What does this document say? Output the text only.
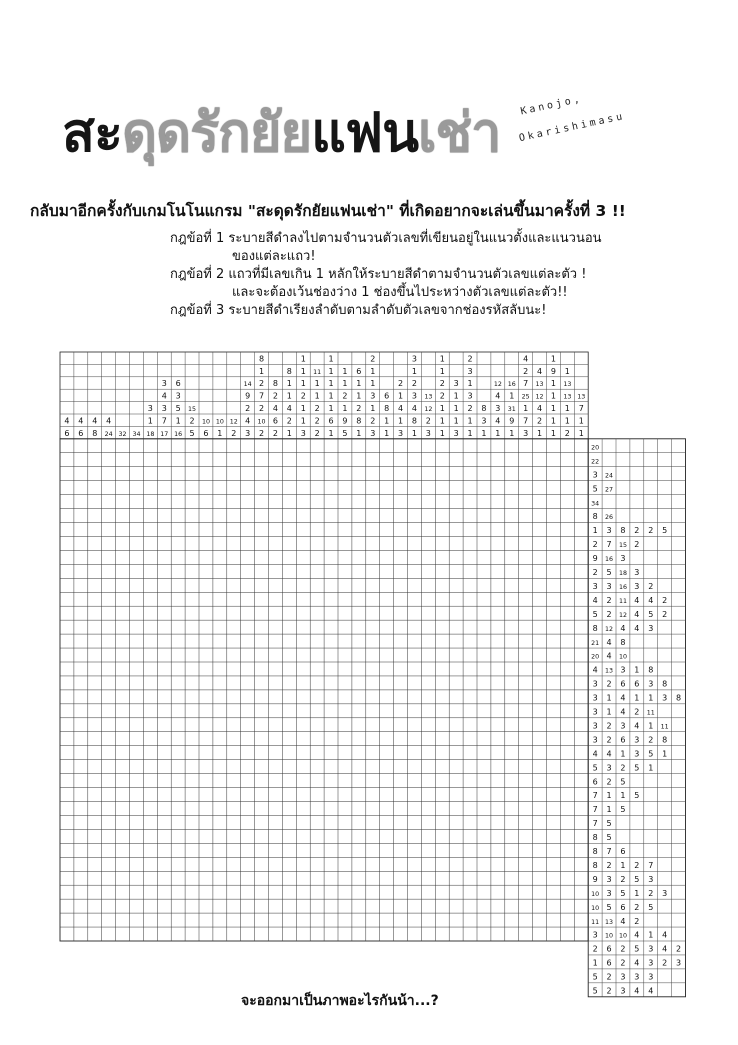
สะดุดรักยัยแฟนเช่า Kanojo,
Okarishimasu
กลับมาอีกครั้งกับเกมโนโนแกรม "สะดุดรักยัยแฟนเช่า" ที่เกิดอยากจะเล่นขึ้นมาครั้งที่ 3 !!
กฎข้อที่ 1 ระบายสีดำลงไปตามจำนวนตัวเลขที่เขียนอยู่ในแนวตั้งและแนวนอน
ของแต่ละแถว!
กฎข้อที่ 2 แถวที่มีเลขเกิน 1 หลักให้ระบายสีดำตามจำนวนตัวเลขแต่ละตัว !
และจะต้องเว้นช่องว่าง 1 ช่องขึ้นไประหว่างตัวเลขแต่ละตัว!!
กฎข้อที่ 3 ระบายสีดำเรียงลำดับตามลำดับตัวเลขจากช่องรหัสลับนะ!
4
6
4
6
4
8
4
24 32 34
3
1
18
3
4
3
7
17
6
3
5
1
16
15
2
5
10
6
10
1
12
2
14
9
2
4
3
8
1
2
7
2
10
2
8
2
4
6
2
8
1
1
4
2
1
1
1
1
2
1
1
3
11
1
1
2
2
2
1
1
1
1
1
6
1
1
1
2
1
9
5
6
1
1
2
8
1
2
1
1
3
1
2
3
6
8
1
1
2
1
4
1
3
3
1
2
3
4
8
1
13
12
2
3
1
1
2
2
1
1
1
3
1
1
1
3
2
3
1
3
2
1
1
8
3
1
12
4
3
4
1
16
1
31
9
1
4
2
7
25
1
7
3
4
13
12
4
2
1
1
9
1
1
1
1
1
1
13
13
1
1
2
13
7
1
1
20
22
3 24
5 27
34
8 26
1 3 8 2 2 5
2 7 15 2
9 16 3
2 5 18 3
3 3 16 3 2
4 2 11 4 4 2
5 2 12 4 5 2
8 12 4 4 3
21 4 8
20 4 10
4 13 3 1 8
3 2 6 6 3 8
3 1 4 1 1 3 8
3 1 4 2 11
3 2 3 4 1 11
3 2 6 3 2 8
4 4 1 3 5 1
5 3 2 5 1
6 2 5
7 1 1 5
7 1 5
7 5
8 5
8 7 6
8 2 1 2 7
9 3 2 5 3
10 3 5 1 2 3
10 5 6 2 5
11 13 4 2
3 10 10 4 1 4
2 6 2 5 3 4 2
1 6 2 4 3 2 3
5 2 3 3 3
5 2 3 4 4
จะออกมาเป็นภาพอะไรกันน้า...?
